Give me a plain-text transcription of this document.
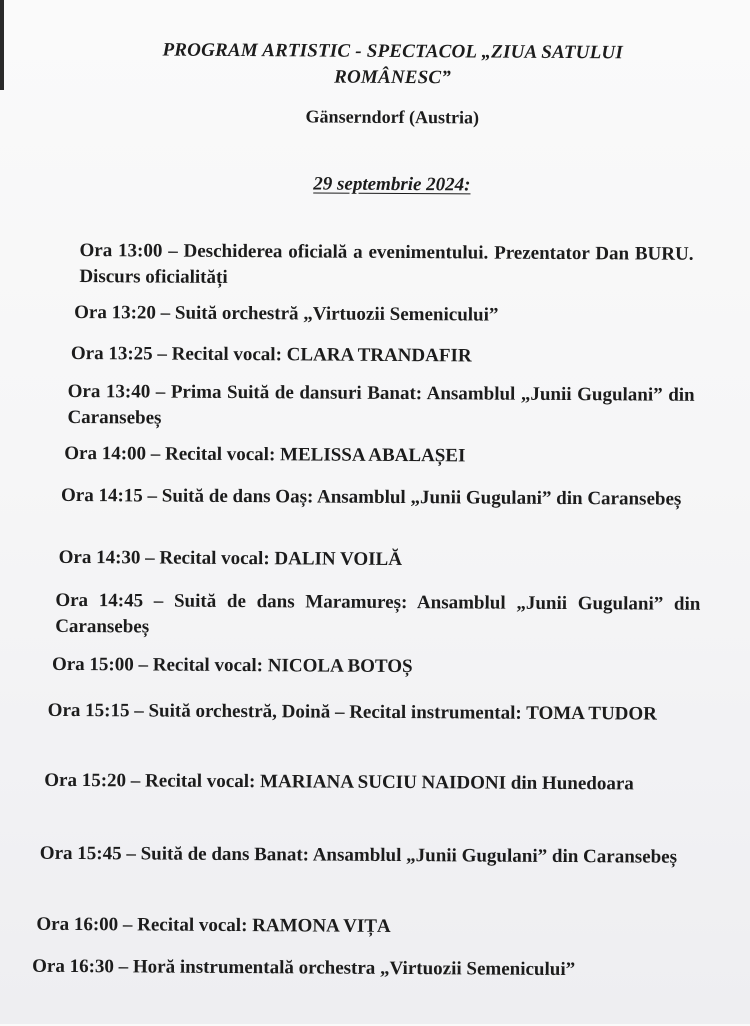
PROGRAM ARTISTIC - SPECTACOL „ZIUA SATULUI

ROMÂNESC”

Gänserndorf (Austria)

29 septembrie 2024:

Ora 13:00 – Deschiderea oficială a evenimentului. Prezentator Dan BURU. Discurs oficialități

Ora 13:20 – Suită orchestră „Virtuozii Semenicului”

Ora 13:25 – Recital vocal: CLARA TRANDAFIR

Ora 13:40 – Prima Suită de dansuri Banat: Ansamblul „Junii Gugulani” din Caransebeș

Ora 14:00 – Recital vocal: MELISSA ABALAȘEI

Ora 14:15 – Suită de dans Oaș: Ansamblul „Junii Gugulani” din Caransebeș

Ora 14:30 – Recital vocal: DALIN VOILĂ

Ora 14:45 – Suită de dans Maramureș: Ansamblul „Junii Gugulani” din Caransebeș

Ora 15:00 – Recital vocal: NICOLA BOTOȘ

Ora 15:15 – Suită orchestră, Doină – Recital instrumental: TOMA TUDOR

Ora 15:20 – Recital vocal: MARIANA SUCIU NAIDONI din Hunedoara

Ora 15:45 – Suită de dans Banat: Ansamblul „Junii Gugulani” din Caransebeș

Ora 16:00 – Recital vocal: RAMONA VIȚA

Ora 16:30 – Horă instrumentală orchestra „Virtuozii Semenicului”
